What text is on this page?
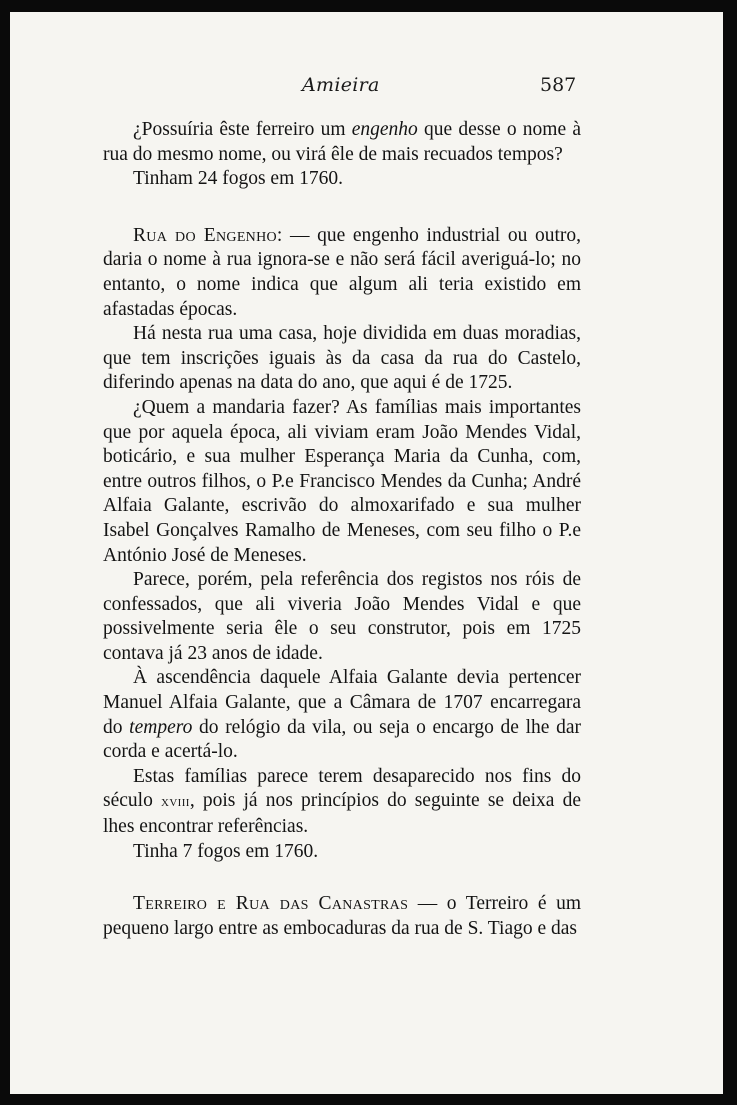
Amieira	587

¿Possuíria êste ferreiro um engenho que desse o nome à rua do mesmo nome, ou virá êle de mais recuados tempos?

Tinham 24 fogos em 1760.

Rua do Engenho: — que engenho industrial ou outro, daria o nome à rua ignora-se e não será fácil averiguá-lo; no entanto, o nome indica que algum ali teria existido em afastadas épocas.

Há nesta rua uma casa, hoje dividida em duas moradias, que tem inscrições iguais às da casa da rua do Castelo, diferindo apenas na data do ano, que aqui é de 1725.

¿Quem a mandaria fazer? As famílias mais importantes que por aquela época, ali viviam eram João Mendes Vidal, boticário, e sua mulher Esperança Maria da Cunha, com, entre outros filhos, o P.e Francisco Mendes da Cunha; André Alfaia Galante, escrivão do almoxarifado e sua mulher Isabel Gonçalves Ramalho de Meneses, com seu filho o P.e António José de Meneses.

Parece, porém, pela referência dos registos nos róis de confessados, que ali viveria João Mendes Vidal e que possivelmente seria êle o seu construtor, pois em 1725 contava já 23 anos de idade.

À ascendência daquele Alfaia Galante devia pertencer Manuel Alfaia Galante, que a Câmara de 1707 encarregara do tempero do relógio da vila, ou seja o encargo de lhe dar corda e acertá-lo.

Estas famílias parece terem desaparecido nos fins do século xviii, pois já nos princípios do seguinte se deixa de lhes encontrar referências.

Tinha 7 fogos em 1760.

Terreiro e Rua das Canastras — o Terreiro é um pequeno largo entre as embocaduras da rua de S. Tiago e das
